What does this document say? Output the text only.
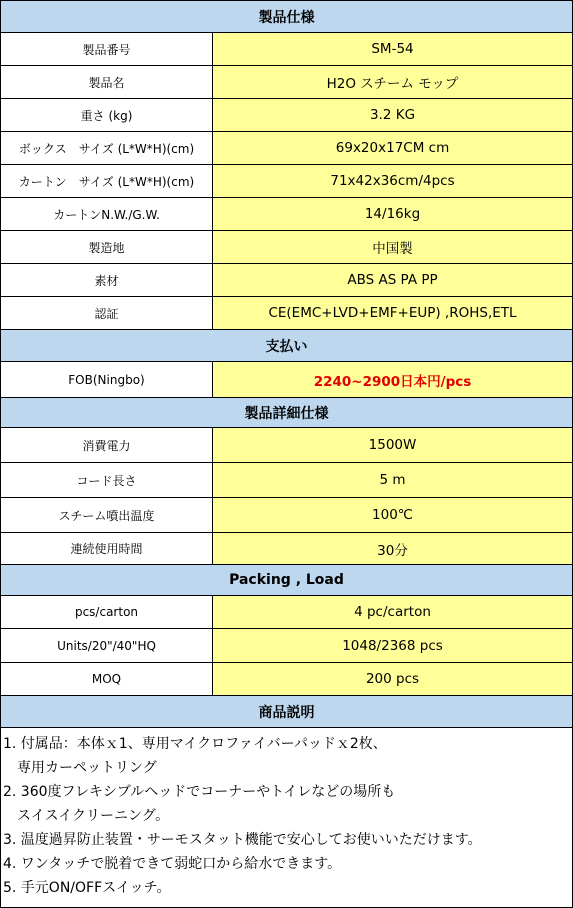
製品仕様
製品番号	SM-54
製品名	H2O スチーム モップ
重さ (kg)	3.2 KG
ボックス　サイズ (L*W*H)(cm)	69x20x17CM cm
カートン　サイズ (L*W*H)(cm)	71x42x36cm/4pcs
カートンN.W./G.W.	14/16kg
製造地	中国製
素材	ABS AS PA PP
認証	CE(EMC+LVD+EMF+EUP) ,ROHS,ETL
支払い
FOB(Ningbo)	2240~2900日本円/pcs
製品詳細仕様
消費電力	1500W
コード長さ	5 m
スチーム噴出温度	100℃
連続使用時間	30分
Packing , Load
pcs/carton	4 pc/carton
Units/20"/40"HQ	1048/2368 pcs
MOQ	200 pcs
商品説明
1. 付属品：本体ｘ1、専用マイクロファイバーパッドｘ2枚、
専用カーペットリング
2. 360度フレキシブルヘッドでコーナーやトイレなどの場所も
スイスイクリーニング。
3. 温度過昇防止装置・サーモスタット機能で安心してお使いいただけます。
4. ワンタッチで脱着できて弱蛇口から給水できます。
5. 手元ON/OFFスイッチ。
